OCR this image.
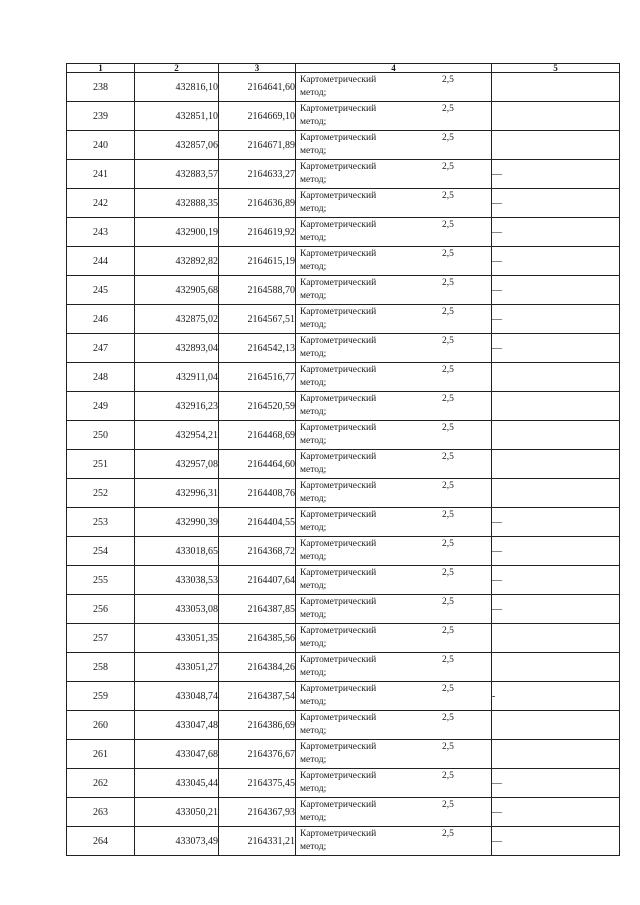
1	2	3	4	5
238	432816,10	2164641,60	Картометрический
метод;
2,5	

239	432851,10	2164669,10	Картометрический
метод;
2,5	

240	432857,06	2164671,89	Картометрический
метод;
2,5	

241	432883,57	2164633,27	Картометрический
метод;
2,5	—
242	432888,35	2164636,89	Картометрический
метод;
2,5	—
243	432900,19	2164619,92	Картометрический
метод;
2,5	—
244	432892,82	2164615,19	Картометрический
метод;
2,5	—
245	432905,68	2164588,70	Картометрический
метод;
2,5	—
246	432875,02	2164567,51	Картометрический
метод;
2,5	—
247	432893,04	2164542,13	Картометрический
метод;
2,5	—
248	432911,04	2164516,77	Картометрический
метод;
2,5	

249	432916,23	2164520,59	Картометрический
метод;
2,5	

250	432954,21	2164468,69	Картометрический
метод;
2,5	

251	432957,08	2164464,60	Картометрический
метод;
2,5	

252	432996,31	2164408,76	Картометрический
метод;
2,5	

253	432990,39	2164404,55	Картометрический
метод;
2,5	—
254	433018,65	2164368,72	Картометрический
метод;
2,5	—
255	433038,53	2164407,64	Картометрический
метод;
2,5	—
256	433053,08	2164387,85	Картометрический
метод;
2,5	—
257	433051,35	2164385,56	Картометрический
метод;
2,5	

258	433051,27	2164384,26	Картометрический
метод;
2,5	

259	433048,74	2164387,54	Картометрический
метод;
2,5	-
260	433047,48	2164386,69	Картометрический
метод;
2,5	

261	433047,68	2164376,67	Картометрический
метод;
2,5	

262	433045,44	2164375,45	Картометрический
метод;
2,5	—
263	433050,21	2164367,93	Картометрический
метод;
2,5	—
264	433073,49	2164331,21	Картометрический
метод;
2,5	—
